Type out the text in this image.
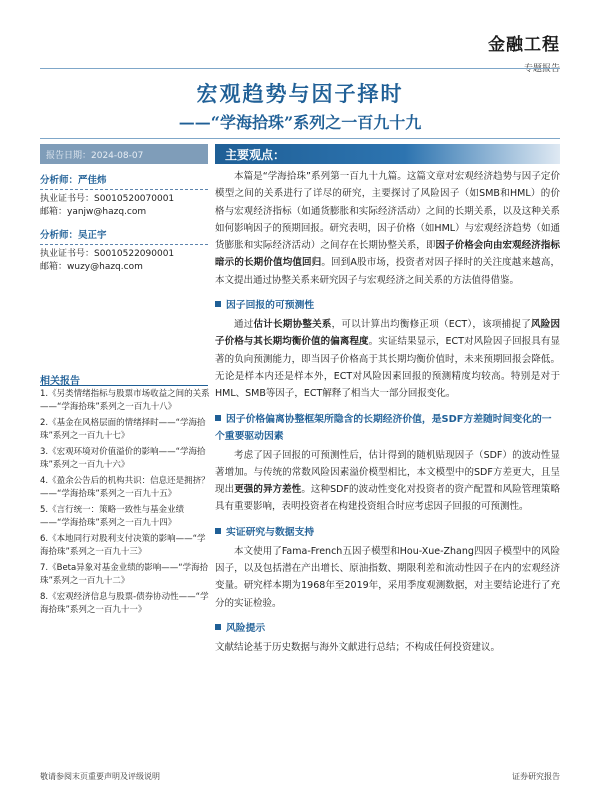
金融工程
专题报告
宏观趋势与因子择时
——“学海拾珠”系列之一百九十九
报告日期：2024-08-07
分析师：严佳炜
执业证书号：S0010520070001
邮箱：yanjw@hazq.com
分析师：吴正宇
执业证书号：S0010522090001
邮箱：wuzy@hazq.com
相关报告
1.《另类情绪指标与股票市场收益之间的关系——“学海拾珠”系列之一百九十八》
2.《基金在风格层面的情绪择时——“学海拾珠”系列之一百九十七》
3.《宏观环境对价值溢价的影响——“学海拾珠”系列之一百九十六》
4.《盈余公告后的机构共识：信息还是拥挤？——“学海拾珠”系列之一百九十五》
5.《言行统一：策略一致性与基金业绩——“学海拾珠”系列之一百九十四》
6.《本地同行对股利支付决策的影响——“学海拾珠”系列之一百九十三》
7.《Beta异象对基金业绩的影响——“学海拾珠”系列之一百九十二》
8.《宏观经济信息与股票-债券协动性——“学海拾珠”系列之一百九十一》
主要观点：

本篇是“学海拾珠”系列第一百九十九篇。这篇文章对宏观经济趋势与因子定价模型之间的关系进行了详尽的研究，主要探讨了风险因子（如SMB和HML）的价格与宏观经济指标（如通货膨胀和实际经济活动）之间的长期关系，以及这种关系如何影响因子的预期回报。研究表明，因子价格（如HML）与宏观经济趋势（如通货膨胀和实际经济活动）之间存在长期协整关系，即因子价格会向由宏观经济指标暗示的长期价值均值回归。回到A股市场，投资者对因子择时的关注度越来越高，本文提出通过协整关系来研究因子与宏观经济之间关系的方法值得借鉴。

因子回报的可预测性

通过估计长期协整关系，可以计算出均衡修正项（ECT），该项捕捉了风险因子价格与其长期均衡价值的偏离程度。实证结果显示，ECT对风险因子回报具有显著的负向预测能力，即当因子价格高于其长期均衡价值时，未来预期回报会降低。无论是样本内还是样本外，ECT对风险因素回报的预测精度均较高。特别是对于HML、SMB等因子，ECT解释了相当大一部分回报变化。

因子价格偏离协整框架所隐含的长期经济价值，是SDF方差随时间变化的一个重要驱动因素

考虑了因子回报的可预测性后，估计得到的随机贴现因子（SDF）的波动性显著增加。与传统的常数风险因素溢价模型相比，本文模型中的SDF方差更大，且呈现出更强的异方差性。这种SDF的波动性变化对投资者的资产配置和风险管理策略具有重要影响，表明投资者在构建投资组合时应考虑因子回报的可预测性。

实证研究与数据支持

本文使用了Fama-French五因子模型和Hou-Xue-Zhang四因子模型中的风险因子，以及包括潜在产出增长、原油指数、期限利差和流动性因子在内的宏观经济变量。研究样本期为1968年至2019年，采用季度观测数据，对主要结论进行了充分的实证检验。

风险提示

文献结论基于历史数据与海外文献进行总结；不构成任何投资建议。

敬请参阅末页重要声明及评级说明	证券研究报告
